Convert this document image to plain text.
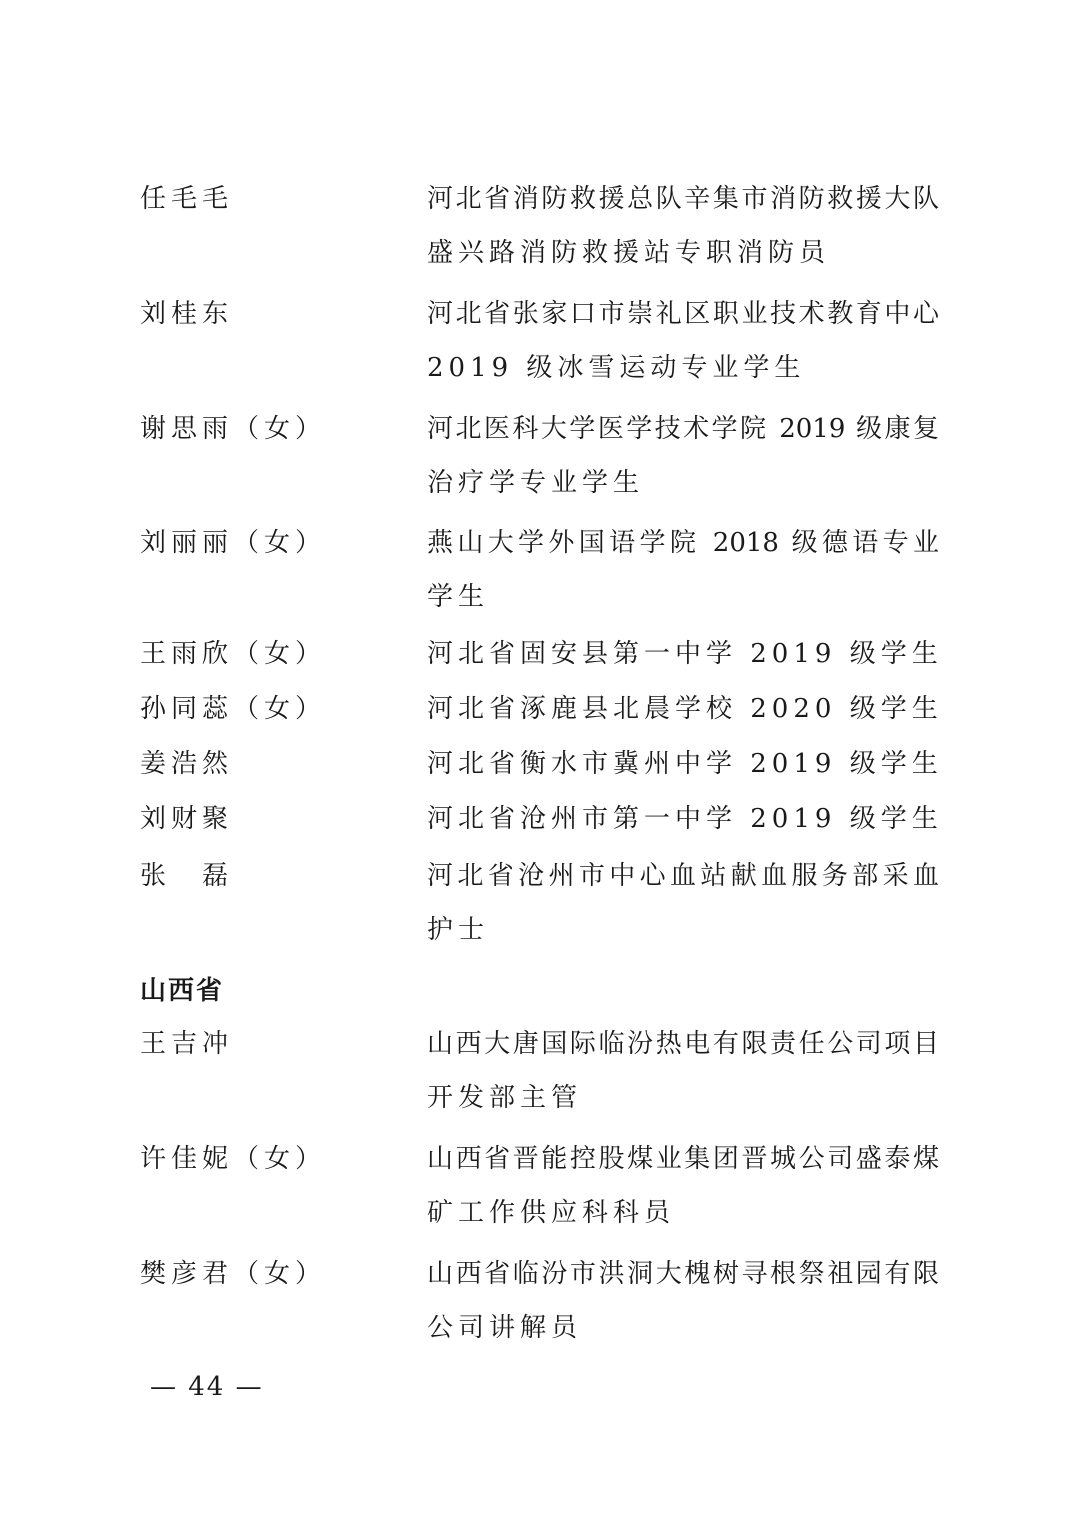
任毛毛	河北省消防救援总队辛集市消防救援大队
盛兴路消防救援站专职消防员
刘桂东	河北省张家口市崇礼区职业技术教育中心
2019 级冰雪运动专业学生
谢思雨（女）	河北医科大学医学技术学院 2019 级康复
治疗学专业学生
刘丽丽（女）	燕山大学外国语学院 2018 级德语专业
学生
王雨欣（女）	河北省固安县第一中学 2019 级学生
孙同蕊（女）	河北省涿鹿县北晨学校 2020 级学生
姜浩然	河北省衡水市冀州中学 2019 级学生
刘财聚	河北省沧州市第一中学 2019 级学生
张　磊	河北省沧州市中心血站献血服务部采血
护士
山西省
王吉冲	山西大唐国际临汾热电有限责任公司项目
开发部主管
许佳妮（女）	山西省晋能控股煤业集团晋城公司盛泰煤
矿工作供应科科员
樊彦君（女）	山西省临汾市洪洞大槐树寻根祭祖园有限
公司讲解员
— 44 —
